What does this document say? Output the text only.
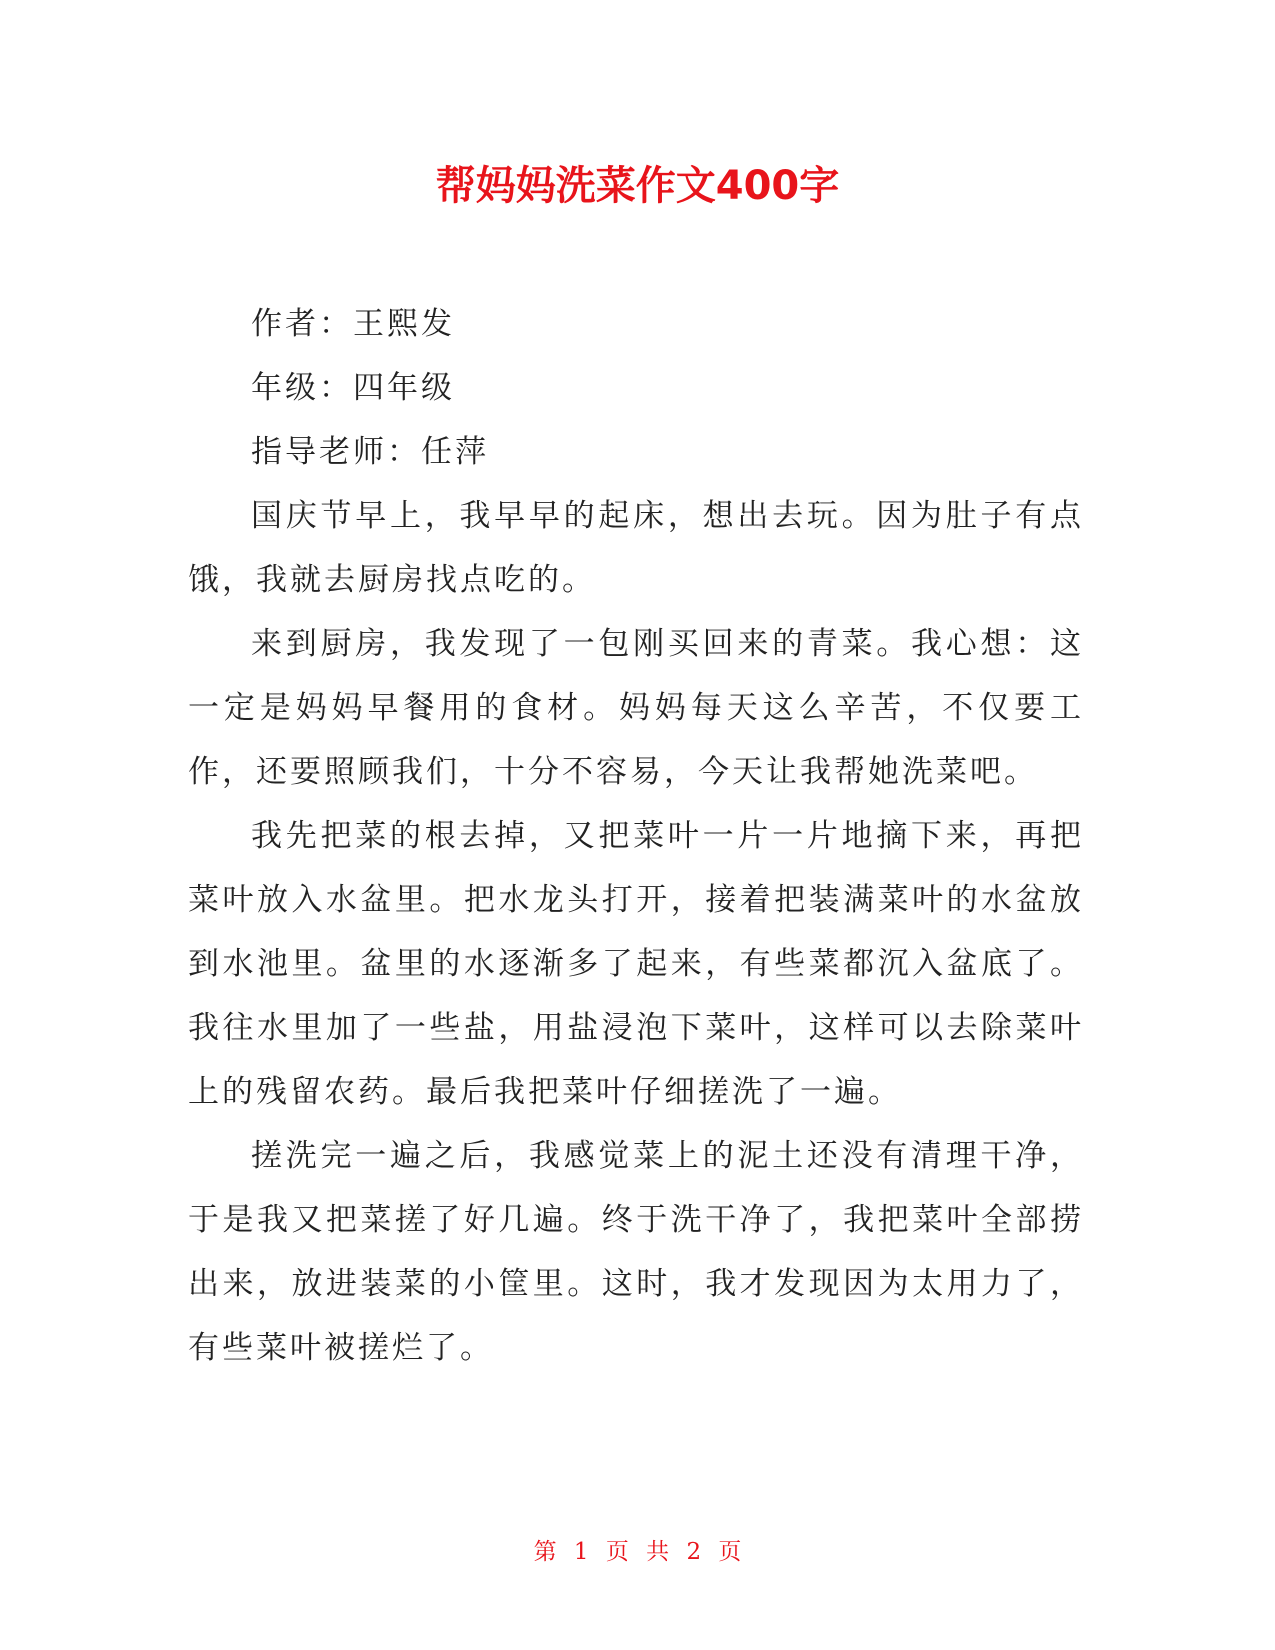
帮妈妈洗菜作文400字

作者：王熙发

年级：四年级

指导老师：任萍

国庆节早上，我早早的起床，想出去玩。因为肚子有点饿，我就去厨房找点吃的。

来到厨房，我发现了一包刚买回来的青菜。我心想：这一定是妈妈早餐用的食材。妈妈每天这么辛苦，不仅要工作，还要照顾我们，十分不容易，今天让我帮她洗菜吧。

我先把菜的根去掉，又把菜叶一片一片地摘下来，再把菜叶放入水盆里。把水龙头打开，接着把装满菜叶的水盆放到水池里。盆里的水逐渐多了起来，有些菜都沉入盆底了。我往水里加了一些盐，用盐浸泡下菜叶，这样可以去除菜叶上的残留农药。最后我把菜叶仔细搓洗了一遍。

搓洗完一遍之后，我感觉菜上的泥土还没有清理干净，于是我又把菜搓了好几遍。终于洗干净了，我把菜叶全部捞出来，放进装菜的小筐里。这时，我才发现因为太用力了，有些菜叶被搓烂了。

第 1 页 共 2 页
